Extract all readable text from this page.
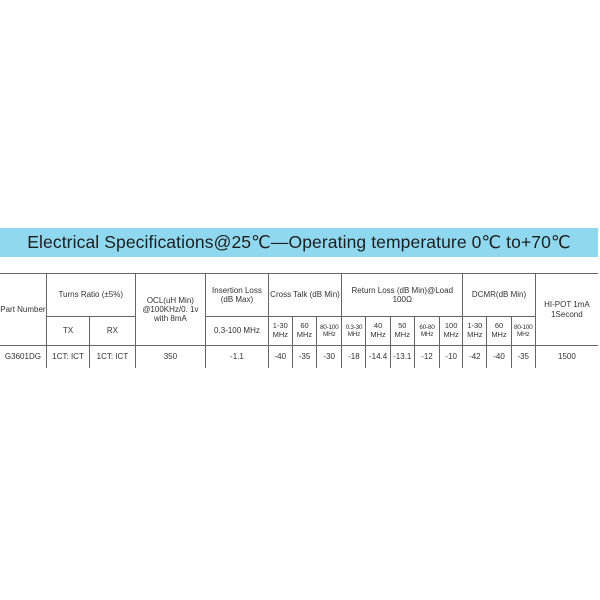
Electrical Specifications@25℃—Operating temperature 0℃ to+70℃
Part Number	Turns Ratio (±5%)		OCL(uH Min) @100KHz/0. 1v with 8mA	Insertion Loss (dB Max)	Cross Talk (dB Min)			Return Loss (dB Min)@Load 100Ω					DCMR(dB Min)			HI-POT 1mA 1Second
	TX	RX		0.3-100 MHz	1-30 MHz	60 MHz	80-100 MHz	0.3-30 MHz	40 MHz	50 MHz	60-80 MHz	100 MHz	1-30 MHz	60 MHz	80-100 MHz	
G3601DG	1CT: ICT	1CT: ICT	350	-1.1	-40	-35	-30	-18	-14.4	-13.1	-12	-10	-42	-40	-35	1500
